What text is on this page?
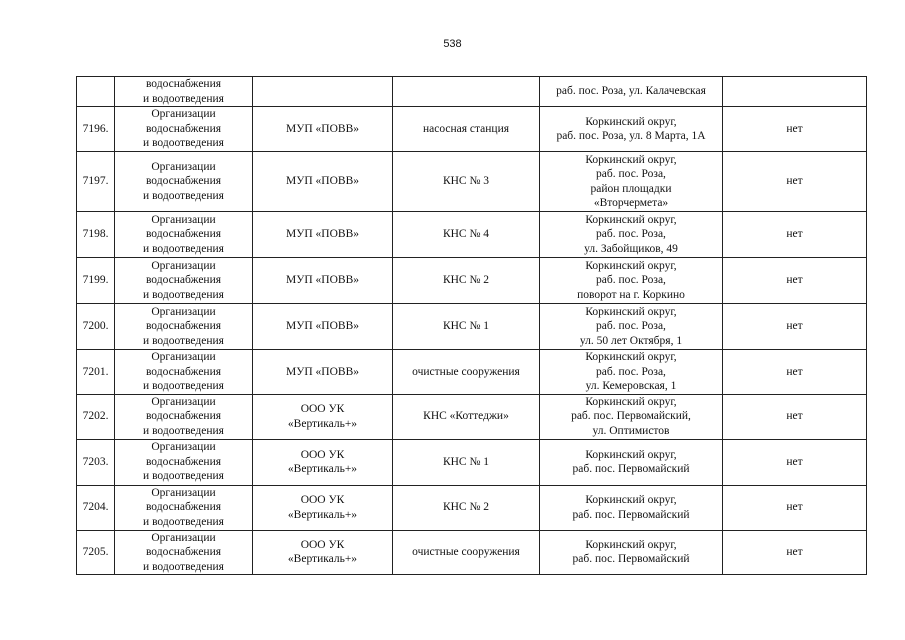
538

	водоснабжения
и водоотведения			раб. пос. Роза, ул. Калачевская	

7196.	Организации
водоснабжения
и водоотведения	МУП «ПОВВ»	насосная станция	Коркинский округ,
раб. пос. Роза, ул. 8 Марта, 1А	нет
7197.	Организации
водоснабжения
и водоотведения	МУП «ПОВВ»	КНС № 3	Коркинский округ,
раб. пос. Роза,
район площадки
«Вторчермета»	нет
7198.	Организации
водоснабжения
и водоотведения	МУП «ПОВВ»	КНС № 4	Коркинский округ,
раб. пос. Роза,
ул. Забойщиков, 49	нет
7199.	Организации
водоснабжения
и водоотведения	МУП «ПОВВ»	КНС № 2	Коркинский округ,
раб. пос. Роза,
поворот на г. Коркино	нет
7200.	Организации
водоснабжения
и водоотведения	МУП «ПОВВ»	КНС № 1	Коркинский округ,
раб. пос. Роза,
ул. 50 лет Октября, 1	нет
7201.	Организации
водоснабжения
и водоотведения	МУП «ПОВВ»	очистные сооружения	Коркинский округ,
раб. пос. Роза,
ул. Кемеровская, 1	нет
7202.	Организации
водоснабжения
и водоотведения	ООО УК
«Вертикаль+»	КНС «Коттеджи»	Коркинский округ,
раб. пос. Первомайский,
ул. Оптимистов	нет
7203.	Организации
водоснабжения
и водоотведения	ООО УК
«Вертикаль+»	КНС № 1	Коркинский округ,
раб. пос. Первомайский	нет
7204.	Организации
водоснабжения
и водоотведения	ООО УК
«Вертикаль+»	КНС № 2	Коркинский округ,
раб. пос. Первомайский	нет
7205.	Организации
водоснабжения
и водоотведения	ООО УК
«Вертикаль+»	очистные сооружения	Коркинский округ,
раб. пос. Первомайский	нет
